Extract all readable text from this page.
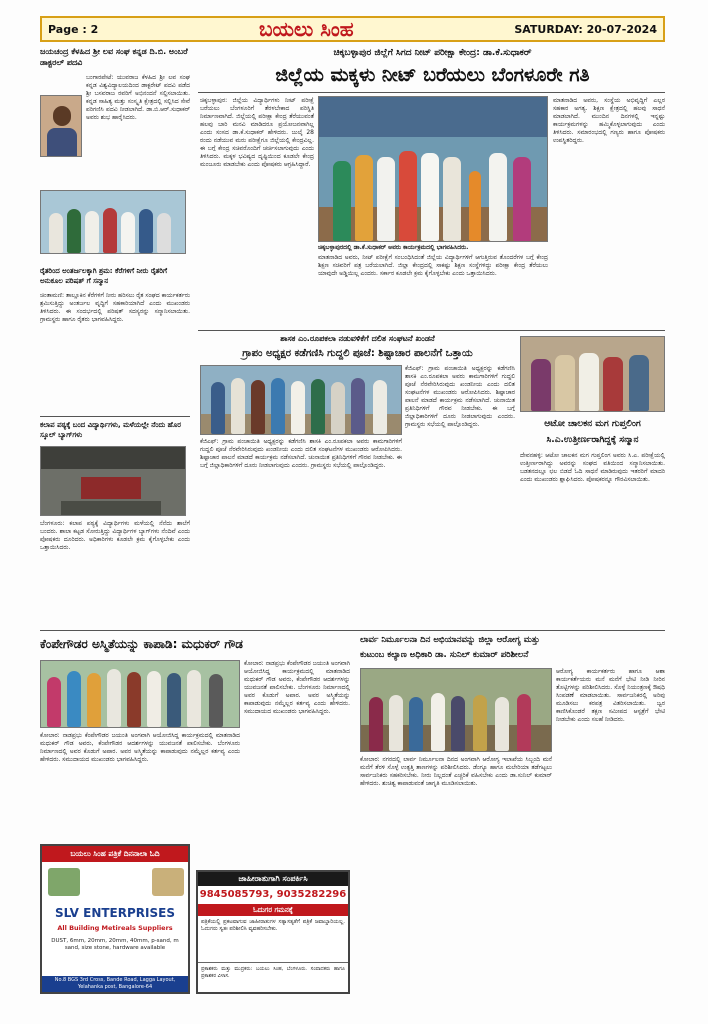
Page : 2	ಬಯಲು ಸಿಂಹ	SATURDAY: 20-07-2024
ಜಯಚಂದ್ರ ಕೆಳಹಿದ ಶ್ರೀ ಲವ ಸಂಘ ಕನ್ನಡ ದಿ.ಬಿ. ಅಂಬರೆ ಡಾಕ್ಟರಲ್ ಪದವಿ
ಬಂಗಾರಪೇಟೆ: ಯುವರಾಜ ಕೆಳಹಿದ ಶ್ರೀ ಲವ ಸಂಘ ಕನ್ನಡ ವಿಶ್ವವಿದ್ಯಾಲಯದಿಂದ ಡಾಕ್ಟರೇಟ್ ಪದವಿ ಪಡೆದ ಶ್ರೀ ಬಸವರಾಜ ರವರಿಗೆ ಅಭಿನಂದನೆ ಸಲ್ಲಿಸಲಾಯಿತು. ಕನ್ನಡ ಸಾಹಿತ್ಯ ಮತ್ತು ಸಂಸ್ಕೃತಿ ಕ್ಷೇತ್ರದಲ್ಲಿ ಸಲ್ಲಿಸಿದ ಸೇವೆ ಪರಿಗಣಿಸಿ ಪದವಿ ನೀಡಲಾಗಿದೆ. ಡಾ.ಬಿ.ಆರ್.ಸುಧಾಕರ್ ಅವರು ಶುಭ ಹಾರೈಸಿದರು.
ರೈತರಿಂದ ಅಂತರ್ಜಲಕ್ಕಾಗಿ ಶ್ರಮ: ಕೆರೆಗಳಿಗೆ ನೀರು ರೈತರಿಗೆ ಅನುಕೂಲ ಪರಿಷತ್ ಗೆ ಸನ್ಮಾನ
ಚಿಂತಾಮಣಿ: ತಾಲ್ಲೂಕಿನ ಕೆರೆಗಳಿಗೆ ನೀರು ಹರಿಸಲು ರೈತ ಸಂಘದ ಕಾರ್ಯಕರ್ತರು ಶ್ರಮಿಸುತ್ತಿದ್ದು ಅಂತರ್ಜಲ ವೃದ್ಧಿಗೆ ಸಹಕಾರಿಯಾಗಿದೆ ಎಂದು ಮುಖಂಡರು ತಿಳಿಸಿದರು. ಈ ಸಂದರ್ಭದಲ್ಲಿ ಪರಿಷತ್ ಸದಸ್ಯರನ್ನು ಸನ್ಮಾನಿಸಲಾಯಿತು. ಗ್ರಾಮಸ್ಥರು ಹಾಗೂ ರೈತರು ಭಾಗವಹಿಸಿದ್ದರು.
ಕಲಾಪ ಪಠ್ಯಕ್ಕೆ ಬಂದ ವಿದ್ಯಾರ್ಥಿಗಳು, ಮಳೆಯಲ್ಲೇ ನೆಂದು ಹೊರ ಸ್ಕೂಲ್ ಬ್ಯಾಗ್‌ಗಳು
ಬೆಂಗಳೂರು: ಕಲಾಪ ಪಠ್ಯಕ್ಕೆ ವಿದ್ಯಾರ್ಥಿಗಳು ಮಳೆಯಲ್ಲಿ ನೆನೆದು ಶಾಲೆಗೆ ಬಂದರು. ಶಾಲಾ ಕಟ್ಟಡ ಸೋರುತ್ತಿದ್ದು ವಿದ್ಯಾರ್ಥಿಗಳ ಬ್ಯಾಗ್‌ಗಳು ನೆಂದಿವೆ ಎಂದು ಪೋಷಕರು ದೂರಿದರು. ಅಧಿಕಾರಿಗಳು ಕೂಡಲೇ ಕ್ರಮ ಕೈಗೊಳ್ಳಬೇಕು ಎಂದು ಒತ್ತಾಯಿಸಿದರು.
ಚಿಕ್ಕಬಳ್ಳಾಪುರ ಜಿಲ್ಲೆಗೆ ಸಿಗದ ನೀಟ್ ಪರೀಕ್ಷಾ ಕೇಂದ್ರ: ಡಾ.ಕೆ.ಸುಧಾಕರ್
ಜಿಲ್ಲೆಯ ಮಕ್ಕಳು ನೀಟ್ ಬರೆಯಲು ಬೆಂಗಳೂರೇ ಗತಿ
ಚಿಕ್ಕಬಳ್ಳಾಪುರ: ಜಿಲ್ಲೆಯ ವಿದ್ಯಾರ್ಥಿಗಳು ನೀಟ್ ಪರೀಕ್ಷೆ ಬರೆಯಲು ಬೆಂಗಳೂರಿಗೆ ತೆರಳಬೇಕಾದ ಪರಿಸ್ಥಿತಿ ನಿರ್ಮಾಣವಾಗಿದೆ. ಜಿಲ್ಲೆಯಲ್ಲಿ ಪರೀಕ್ಷಾ ಕೇಂದ್ರ ತೆರೆಯುವಂತೆ ಹಲವು ಬಾರಿ ಮನವಿ ಮಾಡಿದರೂ ಪ್ರಯೋಜನವಾಗಿಲ್ಲ ಎಂದು ಸಂಸದ ಡಾ.ಕೆ.ಸುಧಾಕರ್ ಹೇಳಿದರು. ಜುಲೈ 28 ರಂದು ನಡೆಯುವ ಮರು ಪರೀಕ್ಷೆಗೂ ಜಿಲ್ಲೆಯಲ್ಲಿ ಕೇಂದ್ರವಿಲ್ಲ. ಈ ಬಗ್ಗೆ ಕೇಂದ್ರ ಸಚಿವರೊಂದಿಗೆ ಚರ್ಚಿಸಲಾಗುವುದು ಎಂದು ತಿಳಿಸಿದರು. ಮಕ್ಕಳ ಭವಿಷ್ಯದ ದೃಷ್ಟಿಯಿಂದ ಕೂಡಲೇ ಕೇಂದ್ರ ಮಂಜೂರು ಮಾಡಬೇಕು ಎಂದು ಪೋಷಕರು ಆಗ್ರಹಿಸಿದ್ದಾರೆ.
ಚಿಕ್ಕಬಳ್ಳಾಪುರದಲ್ಲಿ ಡಾ.ಕೆ.ಸುಧಾಕರ್ ಅವರು ಕಾರ್ಯಕ್ರಮದಲ್ಲಿ ಭಾಗವಹಿಸಿದರು.
ಮಾತನಾಡಿದ ಅವರು, ನೀಟ್ ಪರೀಕ್ಷೆಗೆ ಸಂಬಂಧಿಸಿದಂತೆ ಜಿಲ್ಲೆಯ ವಿದ್ಯಾರ್ಥಿಗಳಿಗೆ ಆಗುತ್ತಿರುವ ತೊಂದರೆಗಳ ಬಗ್ಗೆ ಕೇಂದ್ರ ಶಿಕ್ಷಣ ಸಚಿವರಿಗೆ ಪತ್ರ ಬರೆಯಲಾಗಿದೆ. ಜಿಲ್ಲಾ ಕೇಂದ್ರದಲ್ಲಿ ಸಾಕಷ್ಟು ಶಿಕ್ಷಣ ಸಂಸ್ಥೆಗಳಿದ್ದು ಪರೀಕ್ಷಾ ಕೇಂದ್ರ ತೆರೆಯಲು ಯಾವುದೇ ಅಡ್ಡಿಯಿಲ್ಲ ಎಂದರು. ಸರ್ಕಾರ ಕೂಡಲೇ ಕ್ರಮ ಕೈಗೊಳ್ಳಬೇಕು ಎಂದು ಒತ್ತಾಯಿಸಿದರು.
ಮಾತನಾಡಿದ ಅವರು, ಸಂಸ್ಥೆಯ ಅಭಿವೃದ್ಧಿಗೆ ಎಲ್ಲರ ಸಹಕಾರ ಅಗತ್ಯ. ಶಿಕ್ಷಣ ಕ್ಷೇತ್ರದಲ್ಲಿ ಹಲವು ಸಾಧನೆ ಮಾಡಲಾಗಿದೆ. ಮುಂದಿನ ದಿನಗಳಲ್ಲಿ ಇನ್ನಷ್ಟು ಕಾರ್ಯಕ್ರಮಗಳನ್ನು ಹಮ್ಮಿಕೊಳ್ಳಲಾಗುವುದು ಎಂದು ತಿಳಿಸಿದರು. ಸಮಾರಂಭದಲ್ಲಿ ಗಣ್ಯರು ಹಾಗೂ ಪೋಷಕರು ಉಪಸ್ಥಿತರಿದ್ದರು.
ಶಾಸಕ ಎಂ.ರೂಪಕಲಾ ನಡುವಳಿಕೆಗೆ ದಲಿತ ಸಂಘಟನೆ ಖಂಡನೆ
ಗ್ರಾಪಂ ಅಧ್ಯಕ್ಷರ ಕಡೆಗಣಿಸಿ ಗುದ್ದಲಿ ಪೂಜೆ: ಶಿಷ್ಟಾಚಾರ ಪಾಲನೆಗೆ ಒತ್ತಾಯ
ಕೆಜಿಎಫ್: ಗ್ರಾಮ ಪಂಚಾಯಿತಿ ಅಧ್ಯಕ್ಷರನ್ನು ಕಡೆಗಣಿಸಿ ಶಾಸಕಿ ಎಂ.ರೂಪಕಲಾ ಅವರು ಕಾಮಗಾರಿಗಳಿಗೆ ಗುದ್ದಲಿ ಪೂಜೆ ನೆರವೇರಿಸಿರುವುದು ಖಂಡನೀಯ ಎಂದು ದಲಿತ ಸಂಘಟನೆಗಳ ಮುಖಂಡರು ಆರೋಪಿಸಿದರು. ಶಿಷ್ಟಾಚಾರ ಪಾಲನೆ ಮಾಡದೆ ಕಾರ್ಯಕ್ರಮ ನಡೆಸಲಾಗಿದೆ. ಚುನಾಯಿತ ಪ್ರತಿನಿಧಿಗಳಿಗೆ ಗೌರವ ನೀಡಬೇಕು. ಈ ಬಗ್ಗೆ ಜಿಲ್ಲಾಧಿಕಾರಿಗಳಿಗೆ ದೂರು ನೀಡಲಾಗುವುದು ಎಂದರು. ಗ್ರಾಮಸ್ಥರು ಸಭೆಯಲ್ಲಿ ಪಾಲ್ಗೊಂಡಿದ್ದರು.
ಕೆಜಿಎಫ್: ಗ್ರಾಮ ಪಂಚಾಯಿತಿ ಅಧ್ಯಕ್ಷರನ್ನು ಕಡೆಗಣಿಸಿ ಶಾಸಕಿ ಎಂ.ರೂಪಕಲಾ ಅವರು ಕಾಮಗಾರಿಗಳಿಗೆ ಗುದ್ದಲಿ ಪೂಜೆ ನೆರವೇರಿಸಿರುವುದು ಖಂಡನೀಯ ಎಂದು ದಲಿತ ಸಂಘಟನೆಗಳ ಮುಖಂಡರು ಆರೋಪಿಸಿದರು. ಶಿಷ್ಟಾಚಾರ ಪಾಲನೆ ಮಾಡದೆ ಕಾರ್ಯಕ್ರಮ ನಡೆಸಲಾಗಿದೆ. ಚುನಾಯಿತ ಪ್ರತಿನಿಧಿಗಳಿಗೆ ಗೌರವ ನೀಡಬೇಕು. ಈ ಬಗ್ಗೆ ಜಿಲ್ಲಾಧಿಕಾರಿಗಳಿಗೆ ದೂರು ನೀಡಲಾಗುವುದು ಎಂದರು. ಗ್ರಾಮಸ್ಥರು ಸಭೆಯಲ್ಲಿ ಪಾಲ್ಗೊಂಡಿದ್ದರು.
ಆಟೋ ಚಾಲಕನ ಮಗ ಗುಪ್ತಲಿಂಗ ಸಿ.ಎ.ಉತ್ತೀರ್ಣರಾಗಿದ್ದಕ್ಕೆ ಸನ್ಮಾನ
ದೇವನಹಳ್ಳಿ: ಆಟೋ ಚಾಲಕನ ಮಗ ಗುಪ್ತಲಿಂಗ ಅವರು ಸಿ.ಎ. ಪರೀಕ್ಷೆಯಲ್ಲಿ ಉತ್ತೀರ್ಣರಾಗಿದ್ದು ಅವರನ್ನು ಸಂಘದ ವತಿಯಿಂದ ಸನ್ಮಾನಿಸಲಾಯಿತು. ಬಡತನದಲ್ಲೂ ಛಲ ಬಿಡದೆ ಓದಿ ಸಾಧನೆ ಮಾಡಿರುವುದು ಇತರರಿಗೆ ಮಾದರಿ ಎಂದು ಮುಖಂಡರು ಶ್ಲಾಘಿಸಿದರು. ಪೋಷಕರನ್ನೂ ಗೌರವಿಸಲಾಯಿತು.
ಕೆಂಪೇಗೌಡರ ಅಸ್ಮಿತೆಯನ್ನು ಕಾಪಾಡಿ: ಮಧುಕರ್ ಗೌಡ
ಕೋಲಾರ: ನಾಡಪ್ರಭು ಕೆಂಪೇಗೌಡರ ಜಯಂತಿ ಅಂಗವಾಗಿ ಆಯೋಜಿಸಿದ್ದ ಕಾರ್ಯಕ್ರಮದಲ್ಲಿ ಮಾತನಾಡಿದ ಮಧುಕರ್ ಗೌಡ ಅವರು, ಕೆಂಪೇಗೌಡರ ಆದರ್ಶಗಳನ್ನು ಯುವಜನತೆ ಪಾಲಿಸಬೇಕು. ಬೆಂಗಳೂರು ನಿರ್ಮಾಣದಲ್ಲಿ ಅವರ ಕೊಡುಗೆ ಅಪಾರ. ಅವರ ಅಸ್ಮಿತೆಯನ್ನು ಕಾಪಾಡುವುದು ನಮ್ಮೆಲ್ಲರ ಕರ್ತವ್ಯ ಎಂದು ಹೇಳಿದರು. ಸಮುದಾಯದ ಮುಖಂಡರು ಭಾಗವಹಿಸಿದ್ದರು.
ಕೋಲಾರ: ನಾಡಪ್ರಭು ಕೆಂಪೇಗೌಡರ ಜಯಂತಿ ಅಂಗವಾಗಿ ಆಯೋಜಿಸಿದ್ದ ಕಾರ್ಯಕ್ರಮದಲ್ಲಿ ಮಾತನಾಡಿದ ಮಧುಕರ್ ಗೌಡ ಅವರು, ಕೆಂಪೇಗೌಡರ ಆದರ್ಶಗಳನ್ನು ಯುವಜನತೆ ಪಾಲಿಸಬೇಕು. ಬೆಂಗಳೂರು ನಿರ್ಮಾಣದಲ್ಲಿ ಅವರ ಕೊಡುಗೆ ಅಪಾರ. ಅವರ ಅಸ್ಮಿತೆಯನ್ನು ಕಾಪಾಡುವುದು ನಮ್ಮೆಲ್ಲರ ಕರ್ತವ್ಯ ಎಂದು ಹೇಳಿದರು. ಸಮುದಾಯದ ಮುಖಂಡರು ಭಾಗವಹಿಸಿದ್ದರು.
ಲಾರ್ವ ನಿರ್ಮೂಲನಾ ದಿನ ಅಭಿಯಾನವನ್ನು ಜಿಲ್ಲಾ ಆರೋಗ್ಯ ಮತ್ತು
ಕುಟುಂಬ ಕಲ್ಯಾಣ ಅಧಿಕಾರಿ ಡಾ. ಸುನಿಲ್ ಕುಮಾರ್ ಪರಿಶೀಲನೆ
ಆರೋಗ್ಯ ಕಾರ್ಯಕರ್ತರು ಹಾಗೂ ಆಶಾ ಕಾರ್ಯಕರ್ತೆಯರು ಮನೆ ಮನೆಗೆ ಭೇಟಿ ನೀಡಿ ನೀರಿನ ತೊಟ್ಟಿಗಳನ್ನು ಪರಿಶೀಲಿಸಿದರು. ಸೊಳ್ಳೆ ನಿಯಂತ್ರಣಕ್ಕೆ ಔಷಧಿ ಸಿಂಪಡಣೆ ಮಾಡಲಾಯಿತು. ಸಾರ್ವಜನಿಕರಲ್ಲಿ ಅರಿವು ಮೂಡಿಸಲು ಕರಪತ್ರ ವಿತರಿಸಲಾಯಿತು. ಜ್ವರ ಕಾಣಿಸಿಕೊಂಡರೆ ತಕ್ಷಣ ಸಮೀಪದ ಆಸ್ಪತ್ರೆಗೆ ಭೇಟಿ ನೀಡಬೇಕು ಎಂದು ಸಲಹೆ ನೀಡಿದರು.
ಕೋಲಾರ: ನಗರದಲ್ಲಿ ಲಾರ್ವ ನಿರ್ಮೂಲನಾ ದಿನದ ಅಂಗವಾಗಿ ಆರೋಗ್ಯ ಇಲಾಖೆಯ ಸಿಬ್ಬಂದಿ ಮನೆ ಮನೆಗೆ ತೆರಳಿ ಸೊಳ್ಳೆ ಉತ್ಪತ್ತಿ ತಾಣಗಳನ್ನು ಪರಿಶೀಲಿಸಿದರು. ಡೆಂಗ್ಯೂ ಹಾಗೂ ಮಲೇರಿಯಾ ತಡೆಗಟ್ಟಲು ಸಾರ್ವಜನಿಕರು ಸಹಕರಿಸಬೇಕು. ನೀರು ನಿಲ್ಲದಂತೆ ಎಚ್ಚರಿಕೆ ವಹಿಸಬೇಕು ಎಂದು ಡಾ.ಸುನಿಲ್ ಕುಮಾರ್ ಹೇಳಿದರು. ಶುಚಿತ್ವ ಕಾಪಾಡುವಂತೆ ಜಾಗೃತಿ ಮೂಡಿಸಲಾಯಿತು.
ಬಯಲು ಸಿಂಹ ಪತ್ರಿಕೆ ದಿನನಾಲಾ ಓದಿ
SLV ENTERPRISES
All Building Metireals Suppliers
DUST, 6mm, 20mm, 20mm, 40mm, p-sand, m sand, size stone, hardware available
No.8 BGS 3rd Cross, Bande Road, Lagga Layout, Yelahanka post, Bangalore-64
ಜಾಹೀರಾತುಗಾಗಿ ಸಂಪರ್ಕಿಸಿ
9845085793, 9035282296
ಓದುಗರ ಗಮನಕ್ಕೆ
ಪತ್ರಿಕೆಯಲ್ಲಿ ಪ್ರಕಟವಾಗುವ ಜಾಹೀರಾತುಗಳ ಸತ್ಯಾಸತ್ಯತೆಗೆ ಪತ್ರಿಕೆ ಜವಾಬ್ದಾರಿಯಲ್ಲ. ಓದುಗರು ಸ್ವತಃ ಪರಿಶೀಲಿಸಿ ವ್ಯವಹರಿಸಬೇಕು.
ಪ್ರಕಾಶಕರು ಮತ್ತು ಮುದ್ರಕರು: ಬಯಲು ಸಿಂಹ, ಬೆಂಗಳೂರು. ಸಂಪಾದಕರು ಹಾಗೂ ಪ್ರಕಾಶಕರ ವಿಳಾಸ.
